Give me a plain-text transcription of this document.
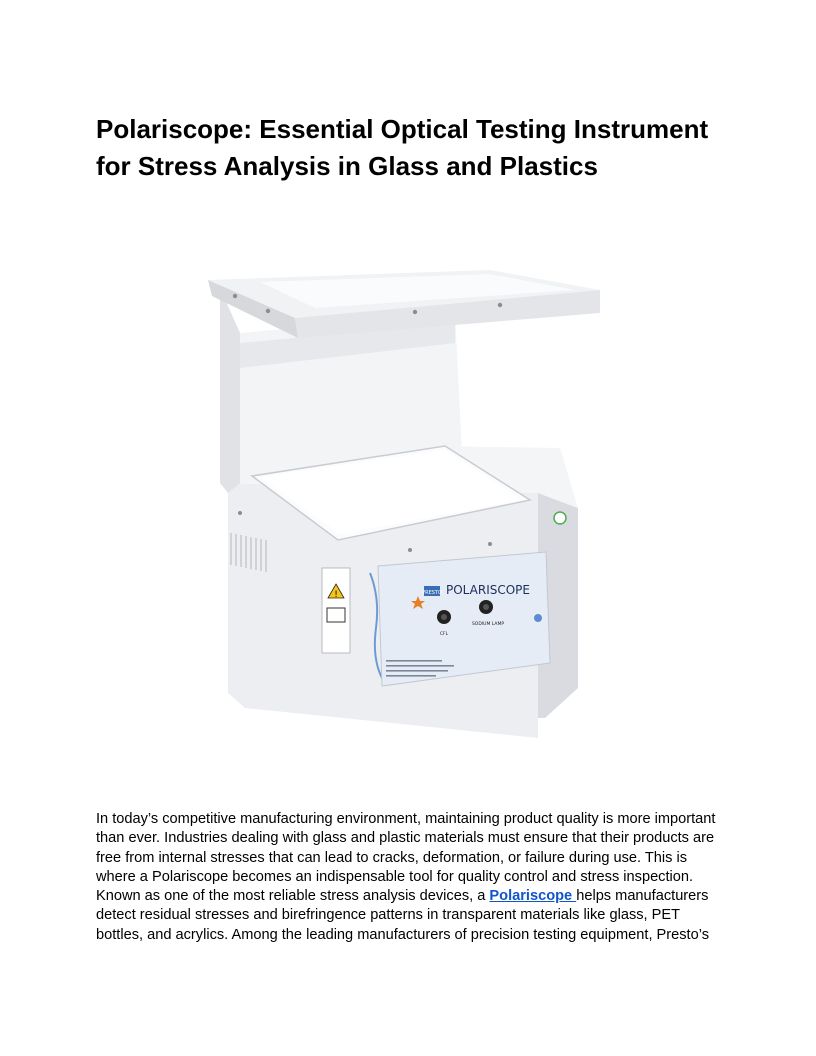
Polariscope: Essential Optical Testing Instrument for Stress Analysis in Glass and Plastics
!	PRESTO POLARISCOPE
CFL
SODIUM LAMP

In today’s competitive manufacturing environment, maintaining product quality is more important than ever. Industries dealing with glass and plastic materials must ensure that their products are free from internal stresses that can lead to cracks, deformation, or failure during use. This is where a Polariscope becomes an indispensable tool for quality control and stress inspection. Known as one of the most reliable stress analysis devices, a Polariscope helps manufacturers detect residual stresses and birefringence patterns in transparent materials like glass, PET bottles, and acrylics. Among the leading manufacturers of precision testing equipment, Presto’s
